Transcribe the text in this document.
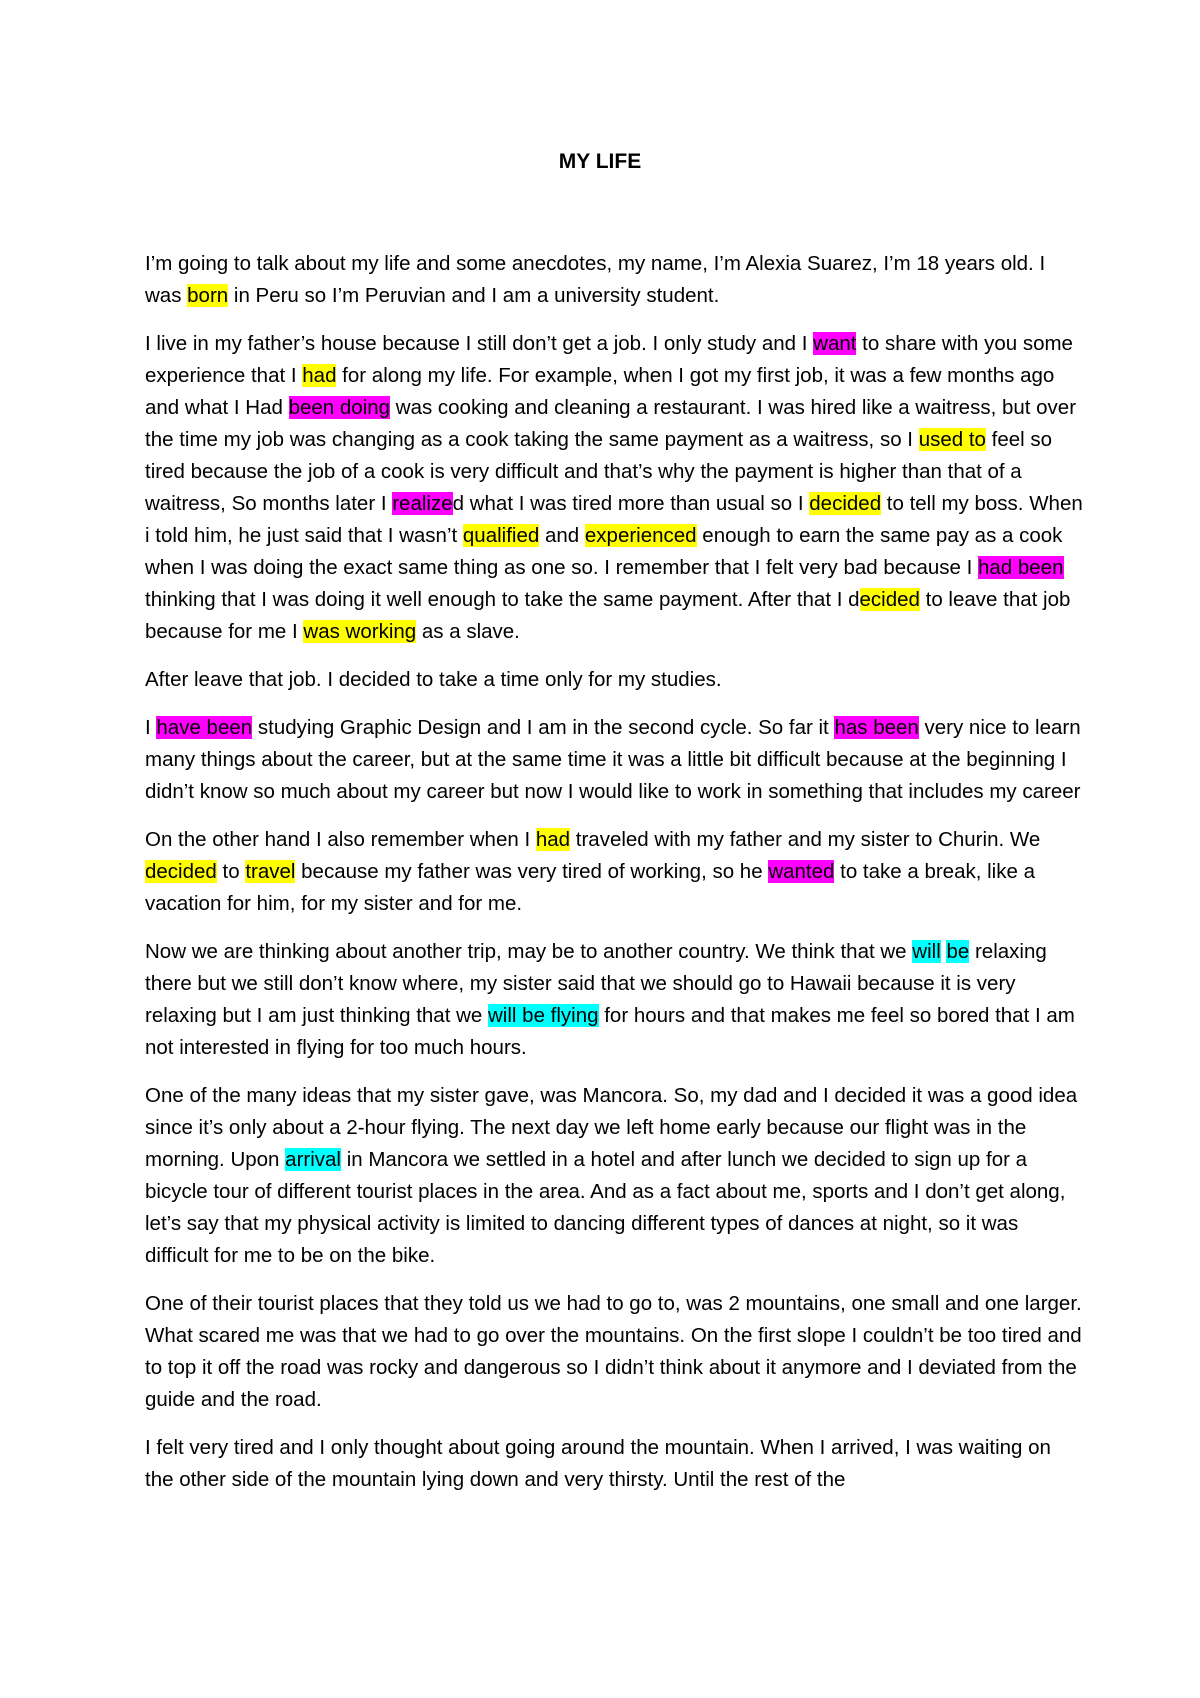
MY LIFE

I’m going to talk about my life and some anecdotes, my name, I’m Alexia Suarez, I’m 18 years old. I was born in Peru so I’m Peruvian and I am a university student.

I live in my father’s house because I still don’t get a job. I only study and I want to share with you some experience that I had for along my life. For example, when I got my first job, it was a few months ago and what I Had been doing was cooking and cleaning a restaurant. I was hired like a waitress, but over the time my job was changing as a cook taking the same payment as a waitress, so I used to feel so tired because the job of a cook is very difficult and that’s why the payment is higher than that of a waitress, So months later I realized what I was tired more than usual so I decided to tell my boss. When i told him, he just said that I wasn’t qualified and experienced enough to earn the same pay as a cook when I was doing the exact same thing as one so. I remember that I felt very bad because I had been thinking that I was doing it well enough to take the same payment. After that I decided to leave that job because for me I was working as a slave.

After leave that job. I decided to take a time only for my studies.

I have been studying Graphic Design and I am in the second cycle. So far it has been very nice to learn many things about the career, but at the same time it was a little bit difficult because at the beginning I didn’t know so much about my career but now I would like to work in something that includes my career

On the other hand I also remember when I had traveled with my father and my sister to Churin. We decided to travel because my father was very tired of working, so he wanted to take a break, like a vacation for him, for my sister and for me.

Now we are thinking about another trip, may be to another country. We think that we will be relaxing there but we still don’t know where, my sister said that we should go to Hawaii because it is very relaxing but I am just thinking that we will be flying for hours and that makes me feel so bored that I am not interested in flying for too much hours.

One of the many ideas that my sister gave, was Mancora. So, my dad and I decided it was a good idea since it’s only about a 2-hour flying. The next day we left home early because our flight was in the morning. Upon arrival in Mancora we settled in a hotel and after lunch we decided to sign up for a bicycle tour of different tourist places in the area. And as a fact about me, sports and I don’t get along, let’s say that my physical activity is limited to dancing different types of dances at night, so it was difficult for me to be on the bike.

One of their tourist places that they told us we had to go to, was 2 mountains, one small and one larger. What scared me was that we had to go over the mountains. On the first slope I couldn’t be too tired and to top it off the road was rocky and dangerous so I didn’t think about it anymore and I deviated from the guide and the road.

I felt very tired and I only thought about going around the mountain. When I arrived, I was waiting on the other side of the mountain lying down and very thirsty. Until the rest of the
